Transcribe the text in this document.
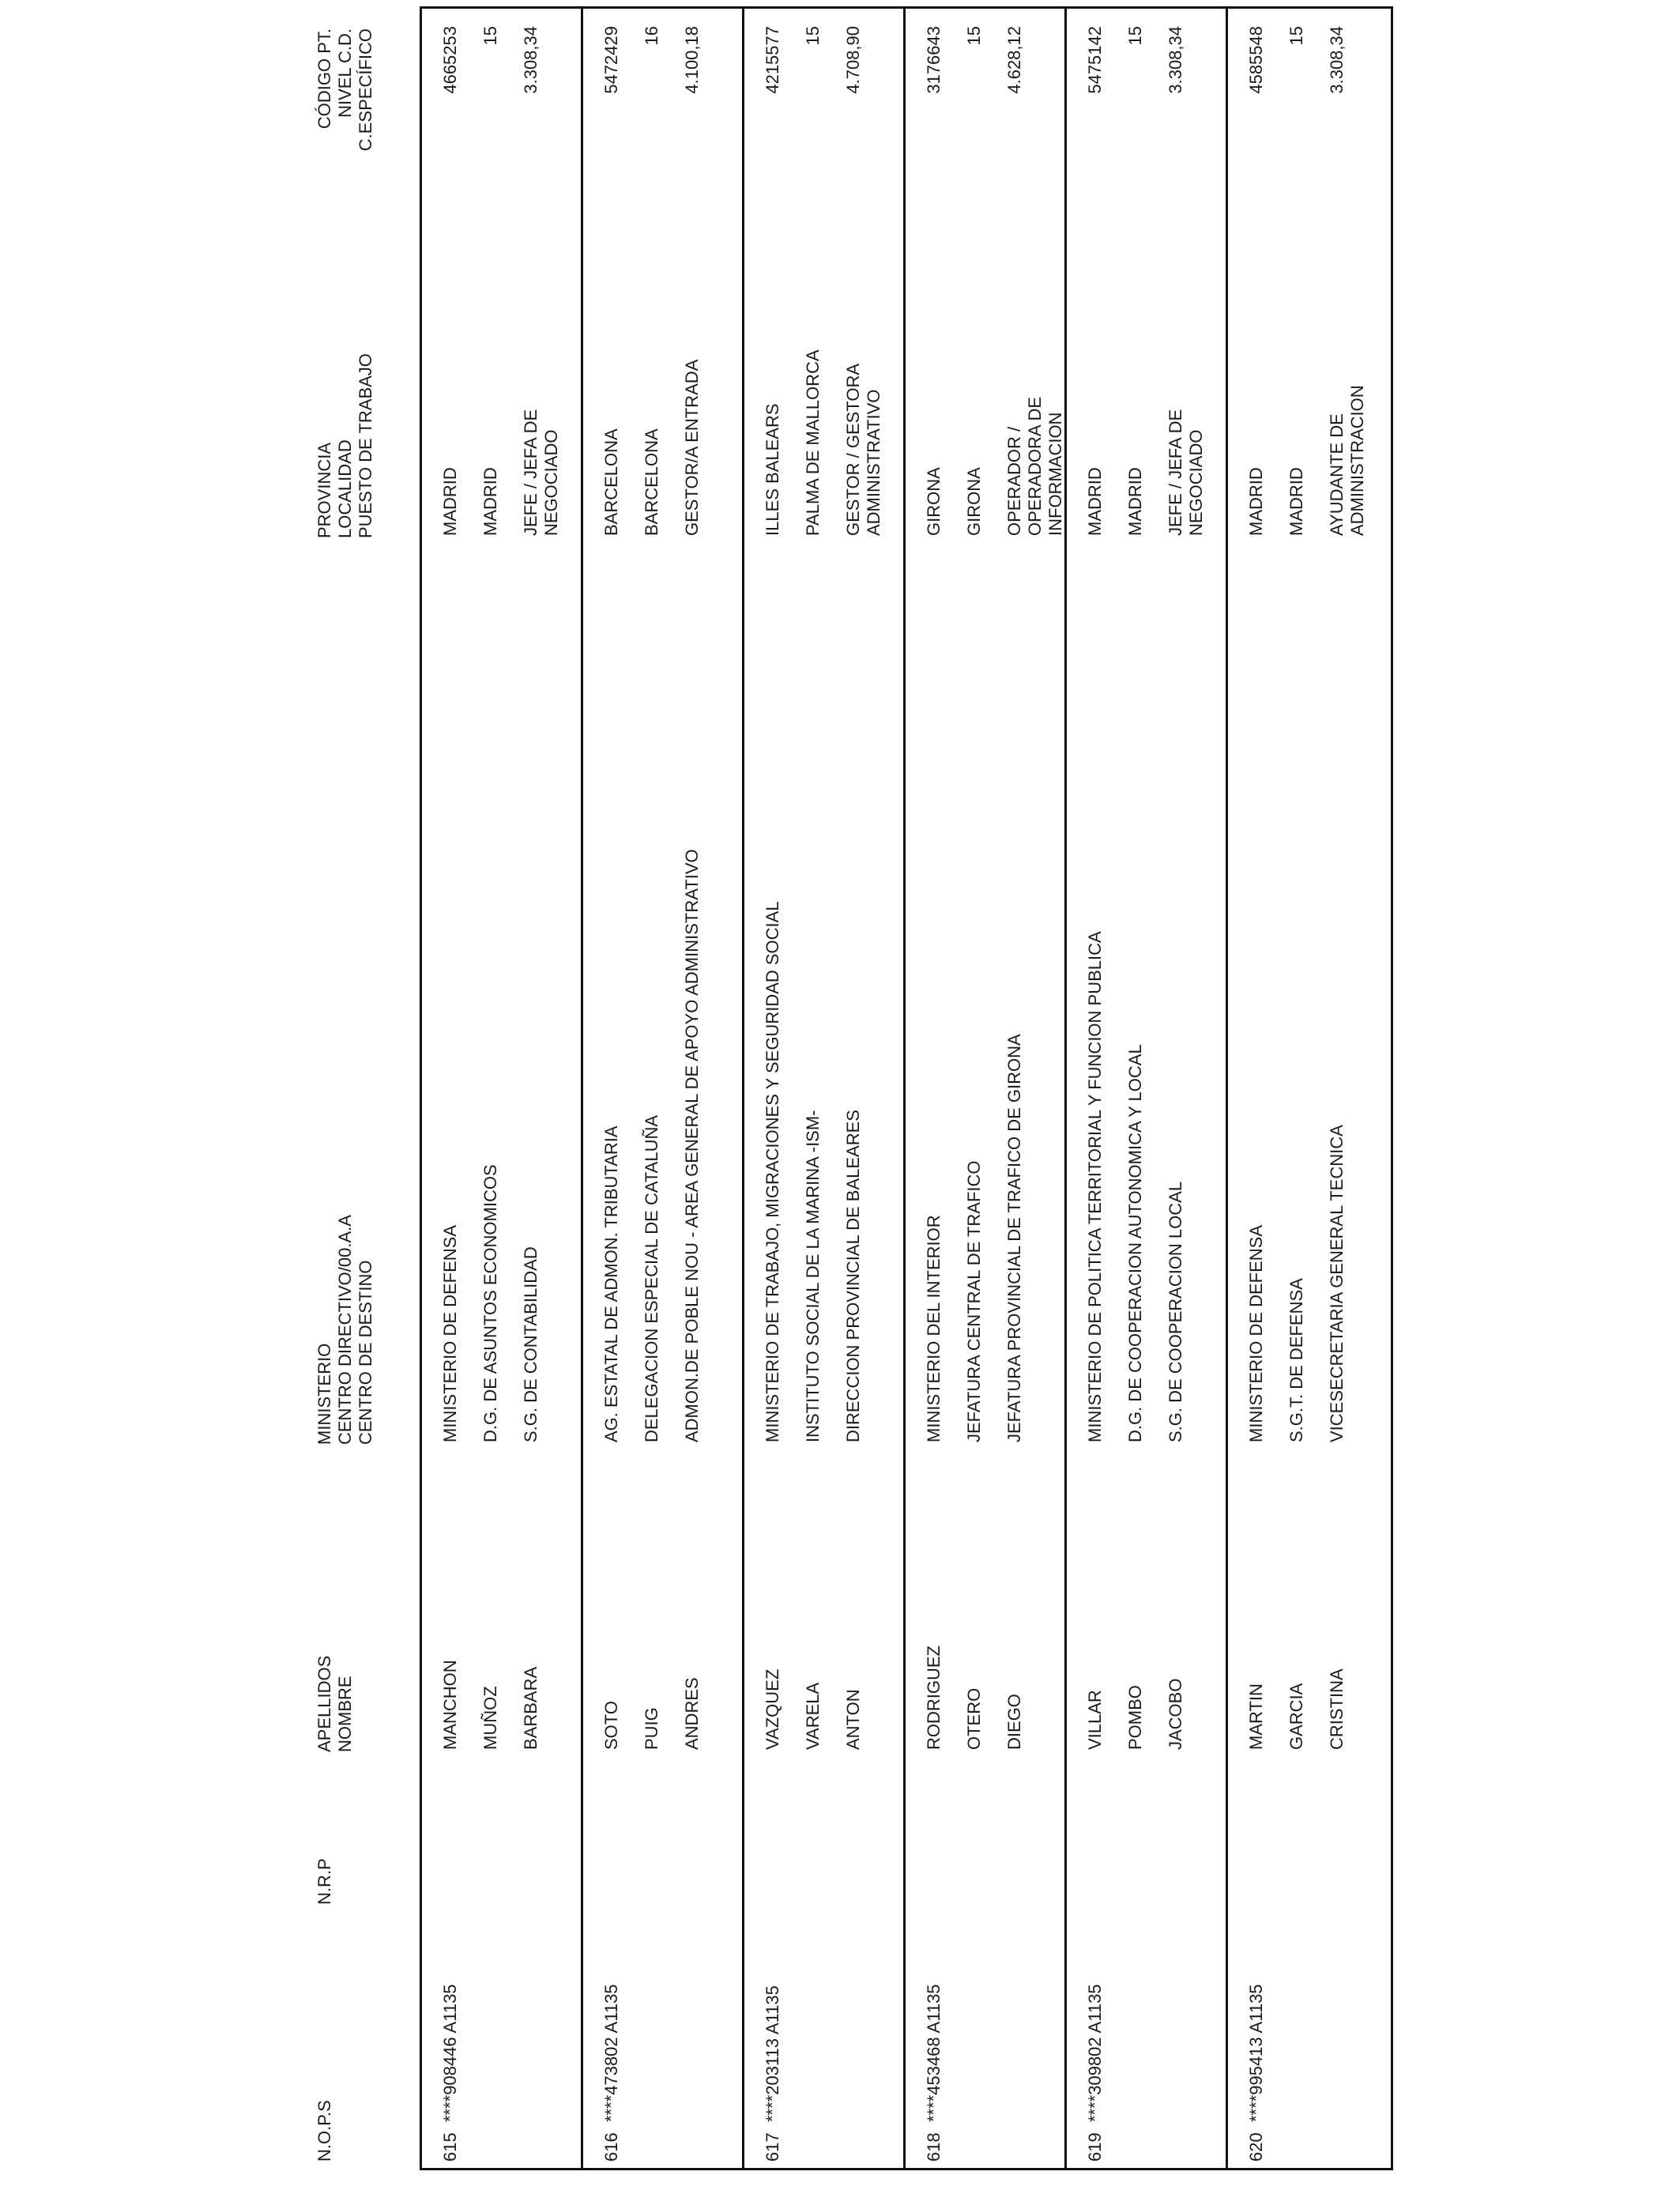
N.O.P.S
N.R.P
APELLIDOS NOMBRE
MINISTERIO CENTRO DIRECTIVO/00.A.A CENTRO DE DESTINO
PROVINCIA LOCALIDAD PUESTO DE TRABAJO
CÓDIGO PT. NIVEL C.D. C.ESPECÍFICO
615
****908446 A1135
MANCHON MUÑOZ BARBARA
MINISTERIO DE DEFENSA D.G. DE ASUNTOS ECONOMICOS S.G. DE CONTABILIDAD
MADRID MADRID JEFE / JEFA DE NEGOCIADO
4665253 15 3.308,34
616
****473802 A1135
SOTO PUIG ANDRES
AG. ESTATAL DE ADMON. TRIBUTARIA DELEGACION ESPECIAL DE CATALUÑA ADMON.DE POBLE NOU - AREA GENERAL DE APOYO ADMINISTRATIVO
BARCELONA BARCELONA GESTOR/A ENTRADA
5472429 16 4.100,18
617
****203113 A1135
VAZQUEZ VARELA ANTON
MINISTERIO DE TRABAJO, MIGRACIONES Y SEGURIDAD SOCIAL INSTITUTO SOCIAL DE LA MARINA -ISM- DIRECCION PROVINCIAL DE BALEARES
ILLES BALEARS PALMA DE MALLORCA GESTOR / GESTORA ADMINISTRATIVO
4215577 15 4.708,90
618
****453468 A1135
RODRIGUEZ OTERO DIEGO
MINISTERIO DEL INTERIOR JEFATURA CENTRAL DE TRAFICO JEFATURA PROVINCIAL DE TRAFICO DE GIRONA
GIRONA GIRONA OPERADOR / OPERADORA DE INFORMACION
3176643 15 4.628,12
619
****309802 A1135
VILLAR POMBO JACOBO
MINISTERIO DE POLITICA TERRITORIAL Y FUNCION PUBLICA D.G. DE COOPERACION AUTONOMICA Y LOCAL S.G. DE COOPERACION LOCAL
MADRID MADRID JEFE / JEFA DE NEGOCIADO
5475142 15 3.308,34
620
****995413 A1135
MARTIN GARCIA CRISTINA
MINISTERIO DE DEFENSA S.G.T. DE DEFENSA VICESECRETARIA GENERAL TECNICA
MADRID MADRID AYUDANTE DE ADMINISTRACION
4585548 15 3.308,34
